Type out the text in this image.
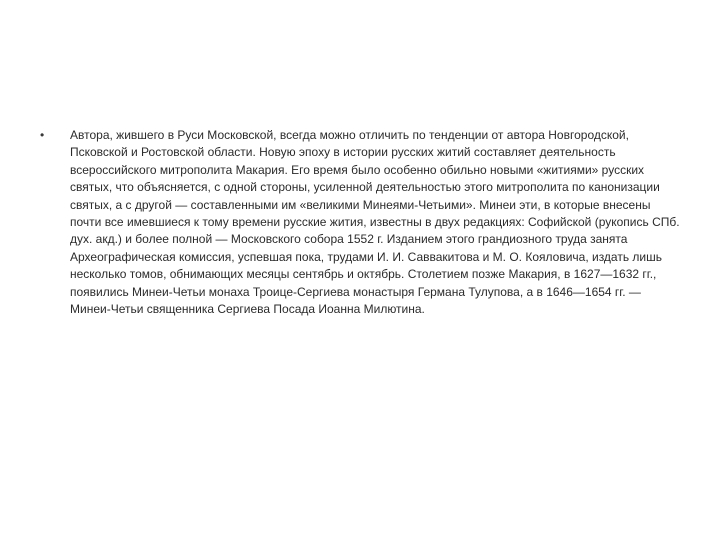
• Автора, жившего в Руси Московской, всегда можно отличить по тенденции от автора Новгородской, Псковской и Ростовской области. Новую эпоху в истории русских житий составляет деятельность всероссийского митрополита Макария. Его время было особенно обильно новыми «житиями» русских святых, что объясняется, с одной стороны, усиленной деятельностью этого митрополита по канонизации святых, а с другой — составленными им «великими Минеями-Четьими». Минеи эти, в которые внесены почти все имевшиеся к тому времени русские жития, известны в двух редакциях: Софийской (рукопись СПб. дух. акд.) и более полной — Московского собора 1552 г. Изданием этого грандиозного труда занята Археографическая комиссия, успевшая пока, трудами И. И. Саввакитова и М. О. Кояловича, издать лишь несколько томов, обнимающих месяцы сентябрь и октябрь. Столетием позже Макария, в 1627—1632 гг., появились Минеи-Четьи монаха Троице-Сергиева монастыря Германа Тулупова, а в 1646—1654 гг. — Минеи-Четьи священника Сергиева Посада Иоанна Милютина.
